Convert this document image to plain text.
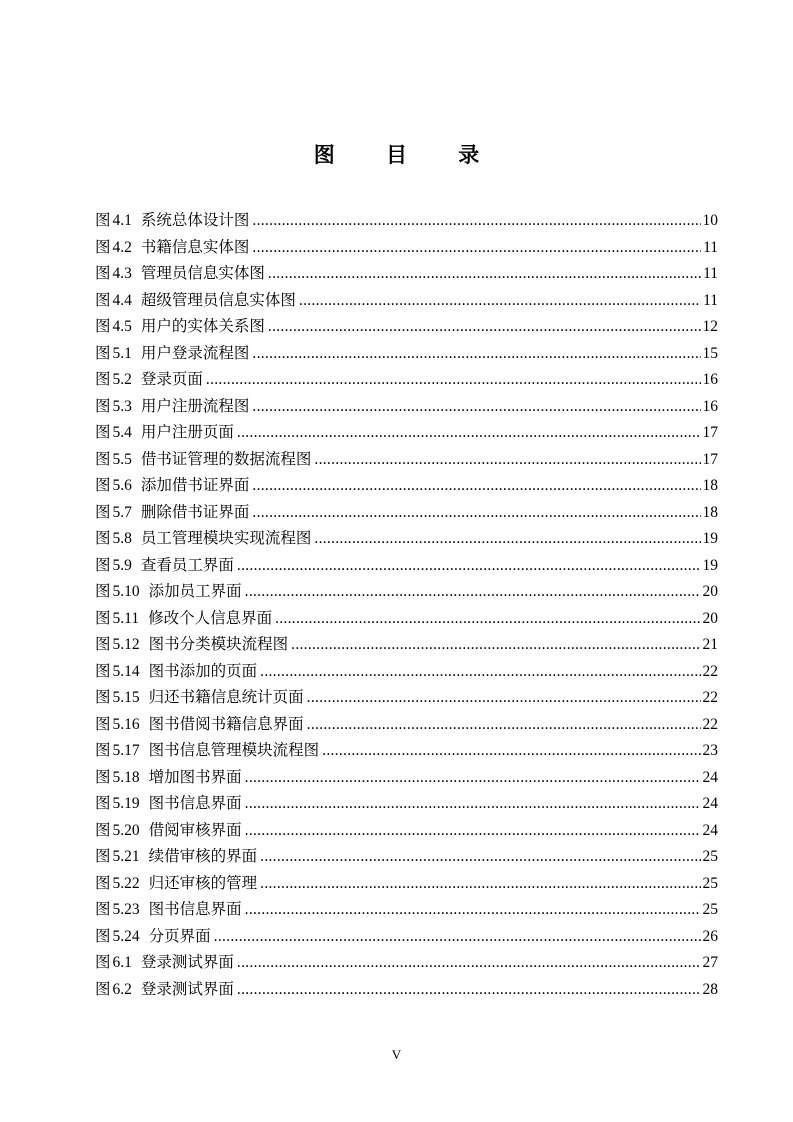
图 目 录
图 4.1 系统总体设计图 .....	10
图 4.2 书籍信息实体图 .....	11
图 4.3 管理员信息实体图 .....	11
图 4.4 超级管理员信息实体图 .....	11
图 4.5 用户的实体关系图 .....	12
图 5.1 用户登录流程图 .....	15
图 5.2 登录页面 .....	16
图 5.3 用户注册流程图 .....	16
图 5.4 用户注册页面 .....	17
图 5.5 借书证管理的数据流程图 .....	17
图 5.6 添加借书证界面 .....	18
图 5.7 删除借书证界面 .....	18
图 5.8 员工管理模块实现流程图 .....	19
图 5.9 查看员工界面 .....	19
图 5.10 添加员工界面 .....	20
图 5.11 修改个人信息界面 .....	20
图 5.12 图书分类模块流程图 .....	21
图 5.14 图书添加的页面 .....	22
图 5.15 归还书籍信息统计页面 .....	22
图 5.16 图书借阅书籍信息界面 .....	22
图 5.17 图书信息管理模块流程图 .....	23
图 5.18 增加图书界面 .....	24
图 5.19 图书信息界面 .....	24
图 5.20 借阅审核界面 .....	24
图 5.21 续借审核的界面 .....	25
图 5.22 归还审核的管理 .....	25
图 5.23 图书信息界面 .....	25
图 5.24 分页界面 .....	26
图 6.1 登录测试界面 .....	27
图 6.2 登录测试界面 .....	28
V
